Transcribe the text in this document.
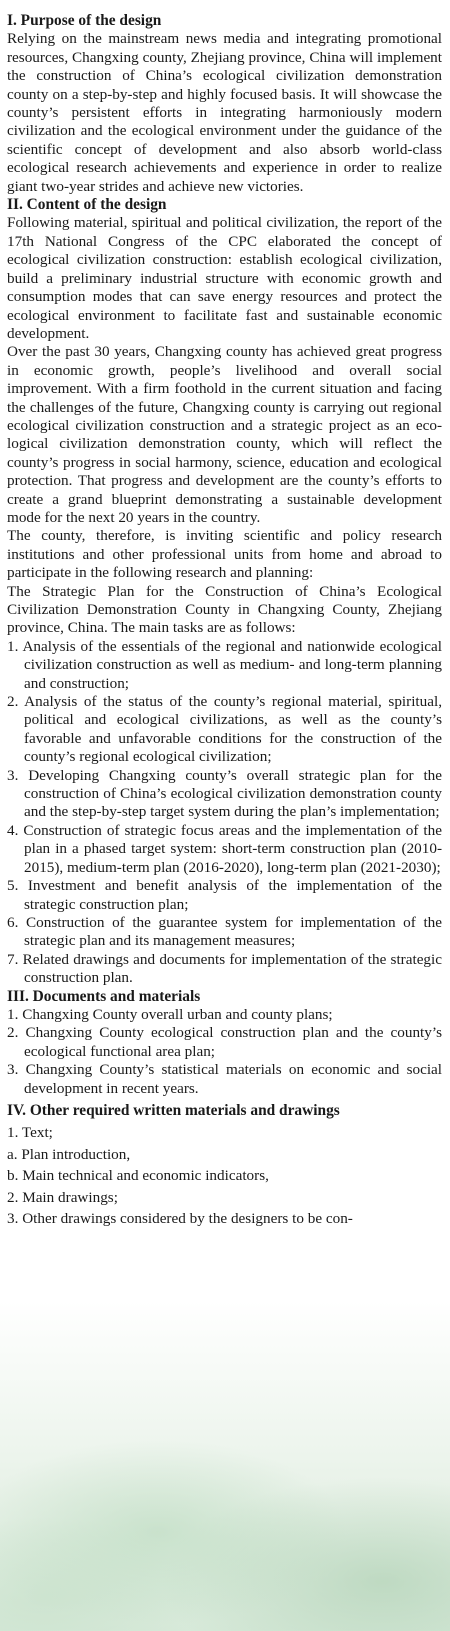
I. Purpose of the design

Relying on the mainstream news media and integrating promotional resources, Changxing county, Zhejiang province, China will implement the construction of China’s ecological civilization demonstration county on a step-by-step and highly focused basis. It will showcase the county’s persistent efforts in integrating harmoniously modern civilization and the ecological environment under the guidance of the scientific concept of development and also absorb world-class ecological research achievements and experience in order to realize giant two-year strides and achieve new victories.

II. Content of the design

Following material, spiritual and political civilization, the report of the 17th National Congress of the CPC elaborated the concept of ecological civilization construction: establish ecological civilization, build a preliminary industrial structure with economic growth and consumption modes that can save energy resources and protect the ecological environment to facilitate fast and sustainable economic development.

Over the past 30 years, Changxing county has achieved great progress in economic growth, people’s livelihood and overall social improvement. With a firm foothold in the current situation and facing the challenges of the future, Changxing county is carrying out regional ecological civilization construction and a strategic project as an ecological civilization demonstration county, which will reflect the county’s progress in social harmony, science, education and ecological protection. That progress and development are the county’s efforts to create a grand blueprint demonstrating a sustainable development mode for the next 20 years in the country.

The county, therefore, is inviting scientific and policy research institutions and other professional units from home and abroad to participate in the following research and planning:

The Strategic Plan for the Construction of China’s Ecological Civilization Demonstration County in Changxing County, Zhejiang province, China. The main tasks are as follows:

1. Analysis of the essentials of the regional and nationwide ecological civilization construction as well as medium- and long-term planning and construction;
2. Analysis of the status of the county’s regional material, spiritual, political and ecological civilizations, as well as the county’s favorable and unfavorable conditions for the construction of the county’s regional ecological civilization;
3. Developing Changxing county’s overall strategic plan for the construction of China’s ecological civilization demonstration county and the step-by-step target system during the plan’s implementation;
4. Construction of strategic focus areas and the implementation of the plan in a phased target system: short-term construction plan (2010-2015), medium-term plan (2016-2020), long-term plan (2021-2030);
5. Investment and benefit analysis of the implementation of the strategic construction plan;
6. Construction of the guarantee system for implementation of the strategic plan and its management measures;
7. Related drawings and documents for implementation of the strategic construction plan.
III. Documents and materials
1. Changxing County overall urban and county plans;
2. Changxing County ecological construction plan and the county’s ecological functional area plan;
3. Changxing County’s statistical materials on economic and social development in recent years.
IV. Other required written materials and drawings
1. Text;
a. Plan introduction,
b. Main technical and economic indicators,
2. Main drawings;
3. Other drawings considered by the designers to be con-
